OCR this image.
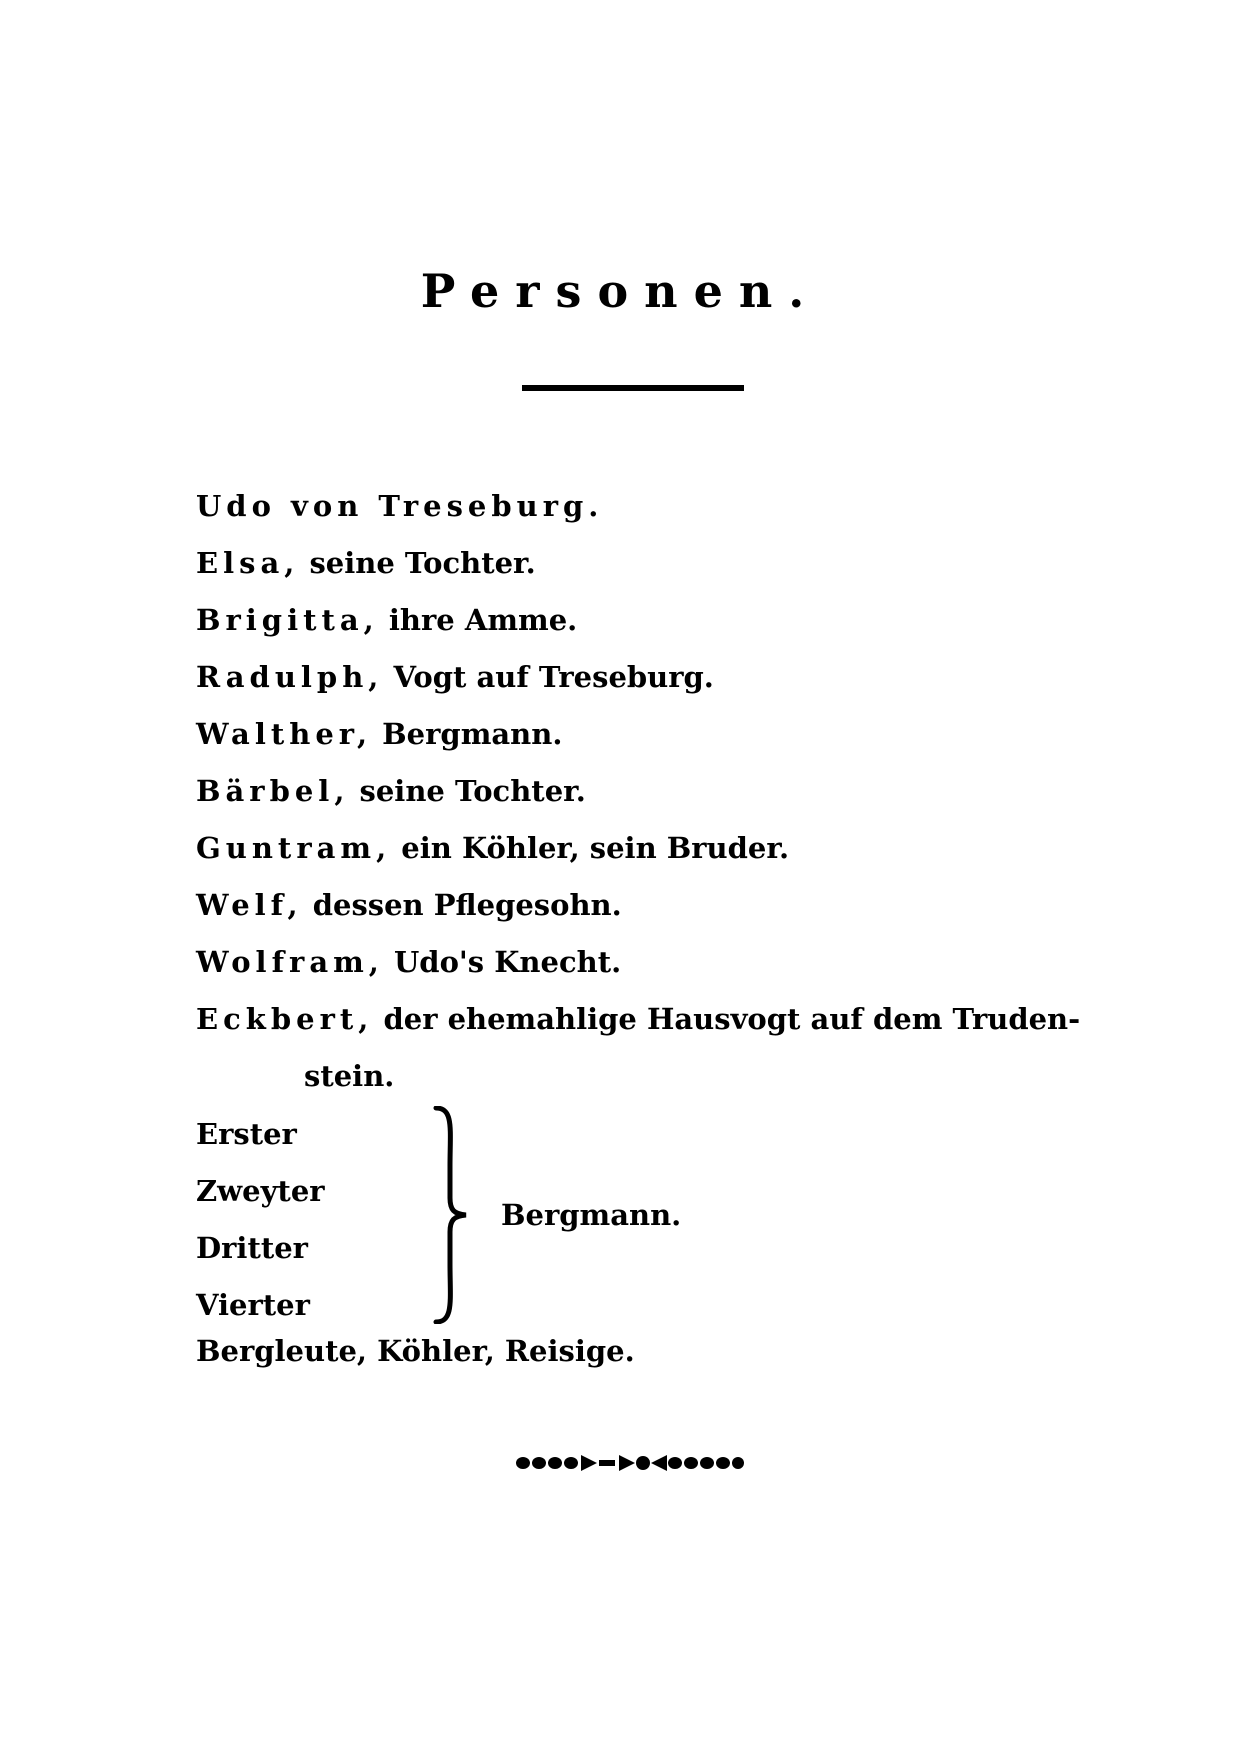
Personen.
Udo von Treseburg.
Elsa, seine Tochter.
Brigitta, ihre Amme.
Radulph, Vogt auf Treseburg.
Walther, Bergmann.
Bärbel, seine Tochter.
Guntram, ein Köhler, sein Bruder.
Welf, dessen Pflegesohn.
Wolfram, Udo's Knecht.
Eckbert, der ehemahlige Hausvogt auf dem Truden-
stein.
Erster
Zweyter
Dritter
Vierter
Bergmann.
Bergleute, Köhler, Reisige.
